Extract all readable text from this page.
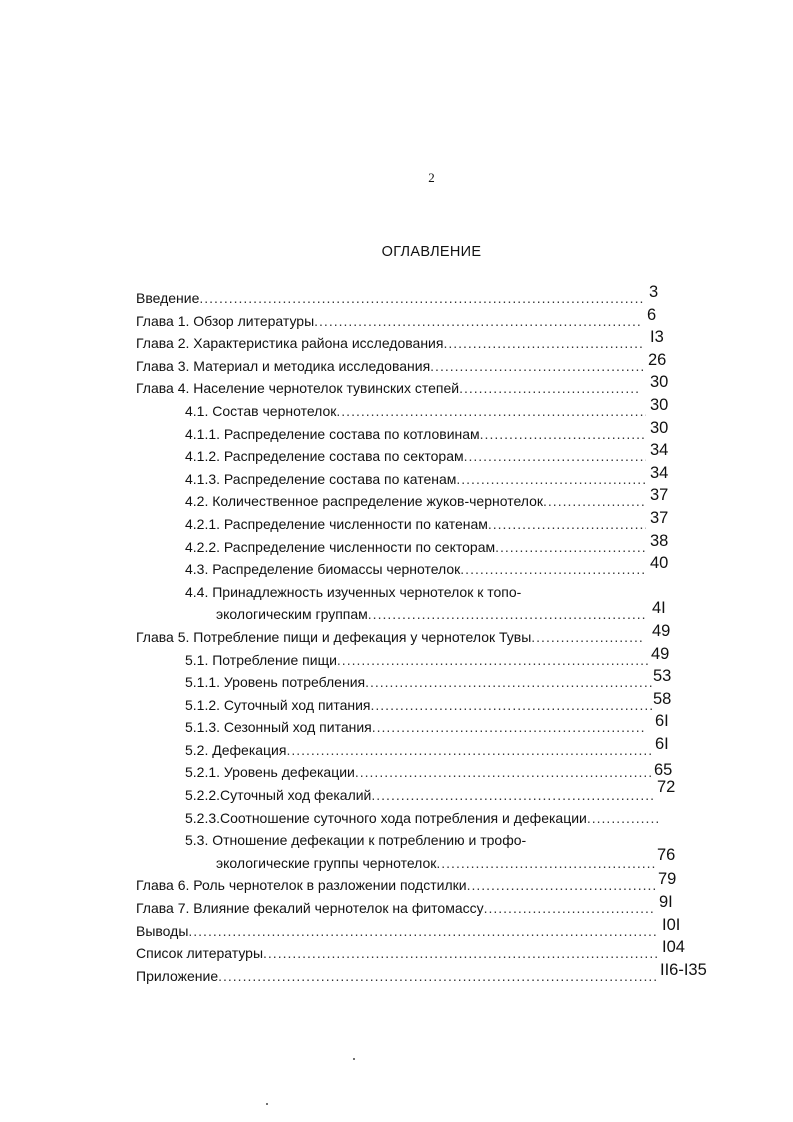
2
ОГЛАВЛЕНИЕ
Введение .....	3
Глава 1. Обзор литературы .....	6
Глава 2. Характеристика района исследования .....	I3
Глава 3. Материал и методика исследования .....	26
Глава 4. Население чернотелок тувинских степей .....	30
4.1. Состав чернотелок .....	30
4.1.1. Распределение состава по котловинам .....	30
4.1.2. Распределение состава по секторам .....	34
4.1.3. Распределение состава по катенам .....	34
4.2. Количественное распределение жуков-чернотелок .....	37
4.2.1. Распределение численности по катенам .....	37
4.2.2. Распределение численности по секторам .....	38
4.3. Распределение биомассы чернотелок .....	40
4.4. Принадлежность изученных чернотелок к топо-
экологическим группам .....	4I
Глава 5. Потребление пищи и дефекация у чернотелок Тувы .....	49
5.1. Потребление пищи .....	49
5.1.1. Уровень потребления .....	53
5.1.2. Суточный ход питания .....	58
5.1.3. Сезонный ход питания .....	6I
5.2. Дефекация .....	6I
5.2.1. Уровень дефекации .....	65
5.2.2.Суточный ход фекалий .....	72
5.2.3.Соотношение суточного хода потребления и дефекации
.....
5.3. Отношение дефекации к потреблению и трофо-
экологические группы чернотелок .....	76
Глава 6. Роль чернотелок в разложении подстилки .....	79
Глава 7. Влияние фекалий чернотелок на фитомассу .....	9I
Выводы .....	I0I
Список литературы .....	I04
Приложение .....	II6-I35
